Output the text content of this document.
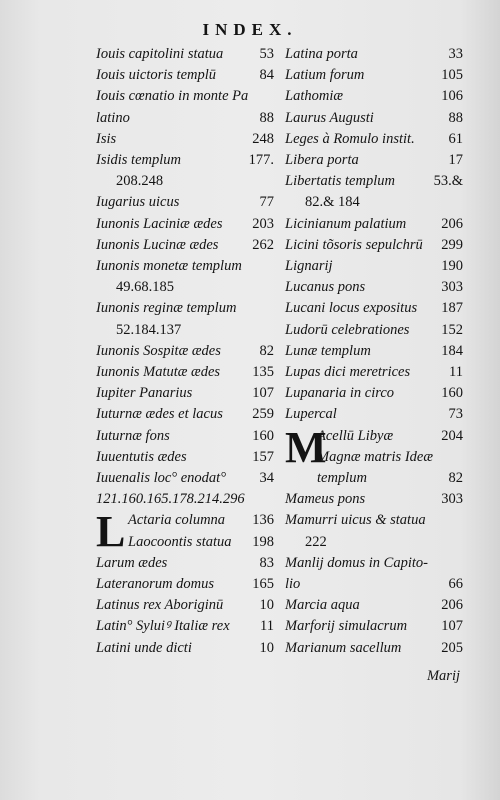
INDEX.
Iouis capitolini statua 53
Iouis uictoris templū	84
Iouis cœnatio in monte Pa
latino	88
Isis	248
Isidis templum	177.
208.248
Iugarius uicus	77
Iunonis Laciniæ ædes 203
Iunonis Lucinæ ædes 262
Iunonis monetæ templum
49.68.185
Iunonis reginæ templum
52.184.137
Iunonis Sospitæ ædes	82
Iunonis Matutæ ædes 135
Iupiter Panarius	107
Iuturnæ ædes et lacus 259
Iuturnæ fons	160
Iuuentutis ædes	157
Iuuenalis loc° enodat° 34
121.160.165.178.214.296
L Actaria columna 136
Laocoontis statua 198
Larum ædes	83
Lateranorum domus	165
Latinus rex Aboriginū 10
Latin° Syluiꝰ Italiæ rex 11
Latini unde dicti	10
Latina porta	33
Latium forum	105
Lathomiæ	106
Laurus Augusti	88
Leges à Romulo instit. 61
Libera porta	17
Libertatis templum	53.&
82.& 184
Licinianum palatium 206
Licini tõsoris sepulchrū 299
Lignarij	190
Lucanus pons	303
Lucani locus expositus 187
Ludorū celebrationes 152
Lunæ templum	184
Lupas dici meretrices	11
Lupanaria in circo	160
Lupercal	73
M
Acellū Libyæ	204
Magnæ matris Ideæ
templum	82
Mameus pons	303
Mamurri uicus & statua
222
Manlij domus in Capito-
lio	66
Marcia aqua	206
Marforij simulacrum 107
Marianum sacellum	205
Marij
